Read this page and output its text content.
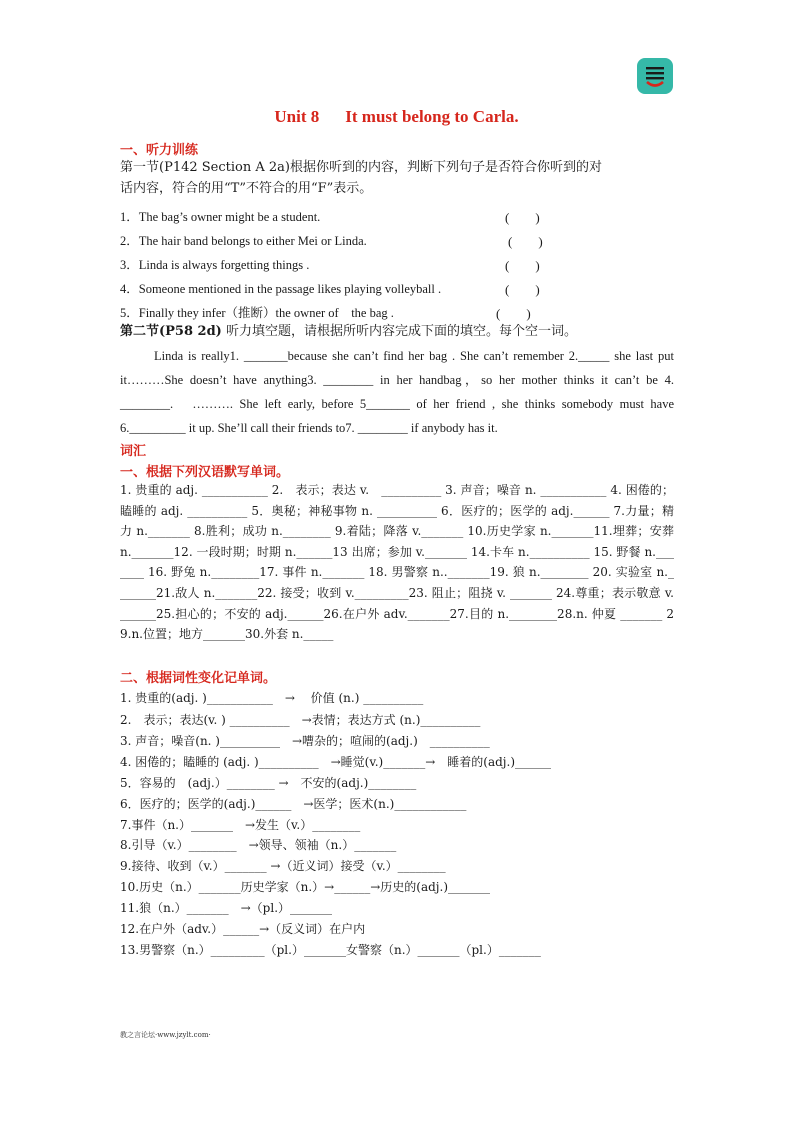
Unit 8 It must belong to Carla.
一、听力训练
第一节(P142 Section A 2a)根据你听到的内容，判断下列句子是否符合你听到的对
话内容，符合的用“T”不符合的用“F”表示。
1．The bag’s owner might be a student.	(　　)
2．The hair band belongs to either Mei or Linda.	(　　)
3．Linda is always forgetting things .	(　　)
4．Someone mentioned in the passage likes playing volleyball .	(　　)
5．Finally they infer（推断）the owner of　the bag .	(　　)
第二节(P58 2d) 听力填空题，请根据所听内容完成下面的填空。每个空一词。
Linda is really1. _______because she can’t find her bag . She can’t remember 2._____ she last put it………She doesn’t have anything3. ________ in her handbag，so her mother thinks it can’t be 4. ________.　………. She left early, before 5_______ of her friend , she thinks somebody must have 6._________ it up. She’ll call their friends to7. ________ if anybody has it.
词汇
一、根据下列汉语默写单词。
1. 贵重的 adj. ___________ 2.　表示；表达 v.　__________ 3. 声音；噪音 n. ___________ 4. 困倦的；瞌睡的 adj. __________ 5．奥秘；神秘事物 n. __________ 6．医疗的；医学的 adj.______ 7.力量；精力 n._______ 8.胜利；成功 n.________ 9.着陆；降落 v._______ 10.历史学家 n._______11.埋葬；安葬 n._______12. 一段时期；时期 n.______13 出席；参加 v._______ 14.卡车 n.__________ 15. 野餐 n._______ 16. 野兔 n.________17. 事件 n._______ 18. 男警察 n.._______19. 狼 n.________ 20. 实验室 n._______21.敌人 n._______22. 接受；收到 v._________23. 阻止；阻挠 v. _______ 24.尊重；表示敬意 v. ______25.担心的；不安的 adj.______26.在户外 adv._______27.目的 n.________28.n. 仲夏 _______ 29.n.位置；地方_______30.外套 n._____
二、根据词性变化记单词。
1. 贵重的(adj. )___________　→　 价值 (n.) __________
2.　表示；表达(v. ) __________　→表情；表达方式 (n.)__________
3. 声音；噪音(n. )__________　→嘈杂的；喧闹的(adj.)　__________
4. 困倦的；瞌睡的 (adj. )__________　→睡觉(v.)_______→　睡着的(adj.)______
5．容易的　(adj.）________ →　不安的(adj.)________
6．医疗的；医学的(adj.)______　→医学；医术(n.)____________
7.事件（n.）_______　→发生（v.）________
8.引导（v.）________　→领导、领袖（n.）_______
9.接待、收到（v.）_______ →（近义词）接受（v.）________
10.历史（n.）_______历史学家（n.）→______→历史的(adj.)_______
11.狼（n.）_______　→（pl.）_______
12.在户外（adv.）______→（反义词）在户内
13.男警察（n.）_________（pl.）_______女警察（n.）_______（pl.）_______
教之言论坛·www.jzylt.com·
